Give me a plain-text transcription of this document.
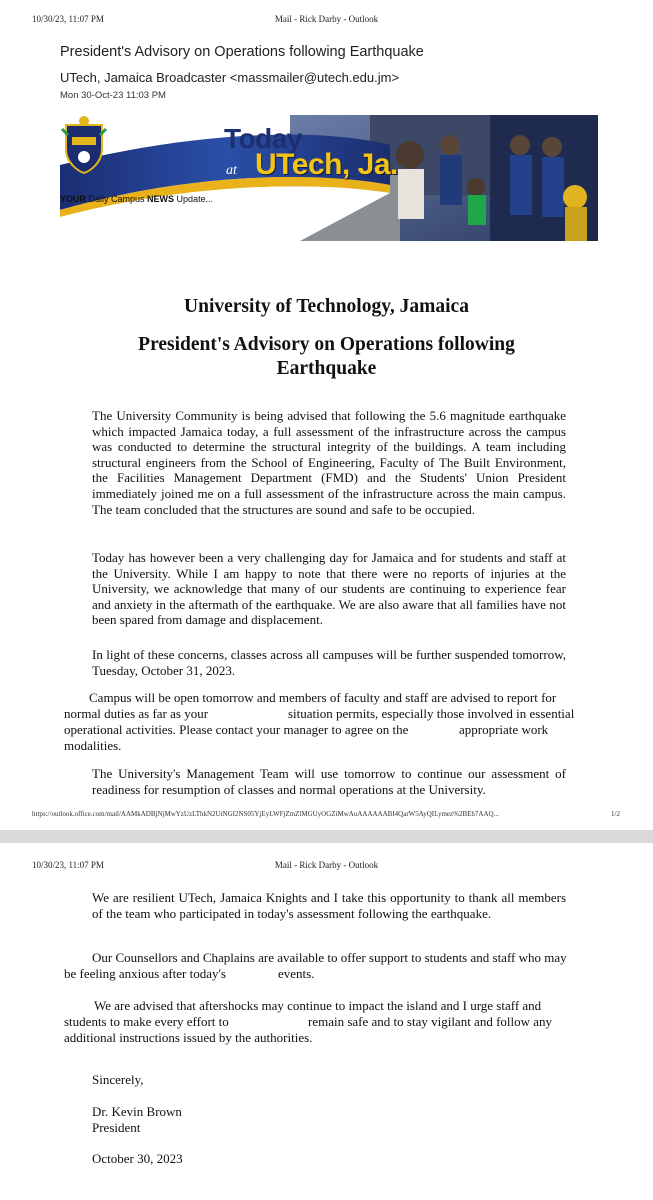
10/30/23, 11:07 PM	Mail - Rick Darby - Outlook
President's Advisory on Operations following Earthquake
UTech, Jamaica Broadcaster <massmailer@utech.edu.jm>
Mon 30-Oct-23 11:03 PM
Today
at UTech, Ja.
YOUR Daily Campus NEWS Update...
University of Technology, Jamaica
President's Advisory on Operations following Earthquake
The University Community is being advised that following the 5.6 magnitude earthquake which impacted Jamaica today, a full assessment of the infrastructure across the campus was conducted to determine the structural integrity of the buildings. A team including structural engineers from the School of Engineering, Faculty of The Built Environment, the Facilities Management Department (FMD) and the Students' Union President immediately joined me on a full assessment of the infrastructure across the main campus. The team concluded that the structures are sound and safe to be occupied.
Today has however been a very challenging day for Jamaica and for students and staff at the University. While I am happy to note that there were no reports of injuries at the University, we acknowledge that many of our students are continuing to experience fear and anxiety in the aftermath of the earthquake. We are also aware that all families have not been spared from damage and displacement.
In light of these concerns, classes across all campuses will be further suspended tomorrow, Tuesday, October 31, 2023.
Campus will be open tomorrow and members of faculty and staff are advised to report for
normal duties as far as your	situation permits, especially those involved in essential
operational activities. Please contact your manager to agree on the	appropriate work
modalities.
The University's Management Team will use tomorrow to continue our assessment of readiness for resumption of classes and normal operations at the University.
https://outlook.office.com/mail/AAMkADBjNjMwYzUzLThkN2UtNGI2NS05YjEyLWFjZmZlMGUyOGZiMwAuAAAAAABI4QarW5AyQILymez%2BEh7AAQ...	1/2
10/30/23, 11:07 PM	Mail - Rick Darby - Outlook
We are resilient UTech, Jamaica Knights and I take this opportunity to thank all members of the team who participated in today's assessment following the earthquake.
Our Counsellors and Chaplains are available to offer support to students and staff who may
be feeling anxious after today's	events.
We are advised that aftershocks may continue to impact the island and I urge staff and
students to make every effort to	remain safe and to stay vigilant and follow any
additional instructions issued by the authorities.
Sincerely,
Dr. Kevin Brown
President
October 30, 2023
